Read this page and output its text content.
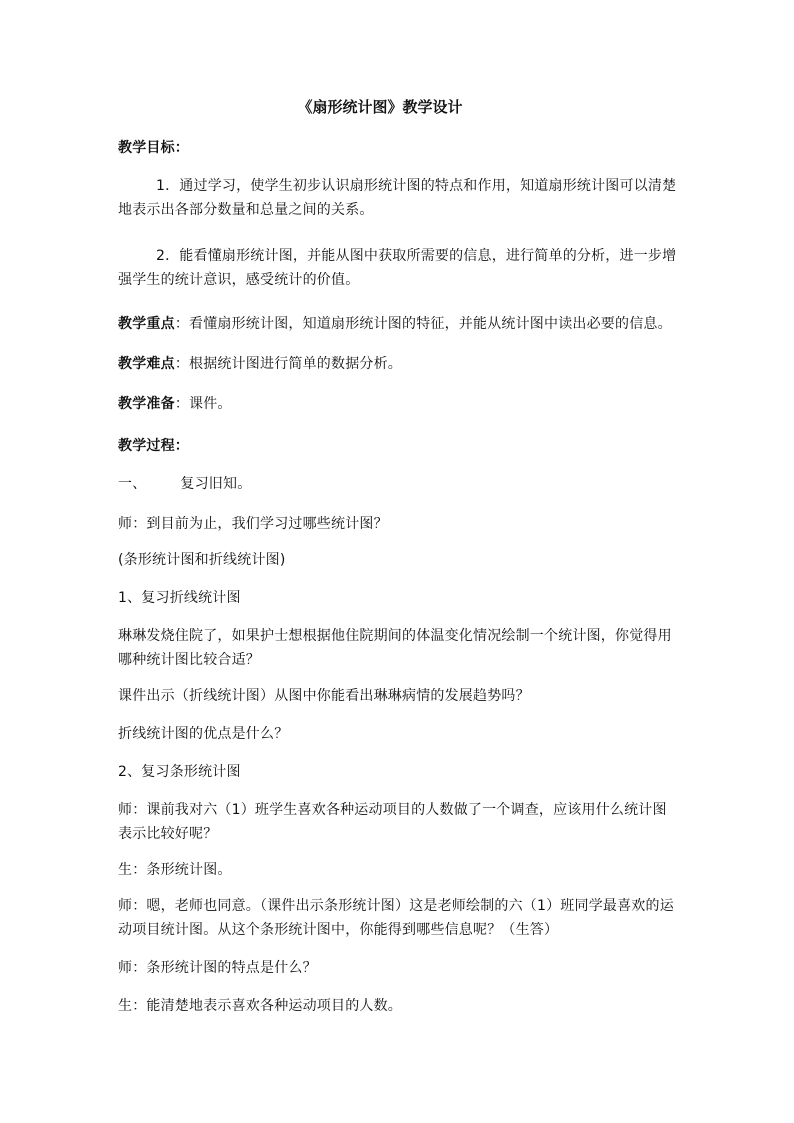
《扇形统计图》教学设计
教学目标：
1．通过学习，使学生初步认识扇形统计图的特点和作用，知道扇形统计图可以清楚地表示出各部分数量和总量之间的关系。
2．能看懂扇形统计图，并能从图中获取所需要的信息，进行简单的分析，进一步增强学生的统计意识，感受统计的价值。
教学重点：看懂扇形统计图，知道扇形统计图的特征，并能从统计图中读出必要的信息。
教学难点：根据统计图进行简单的数据分析。
教学准备：课件。
教学过程：
一、 复习旧知。
师：到目前为止，我们学习过哪些统计图？
(条形统计图和折线统计图)
1、复习折线统计图
琳琳发烧住院了，如果护士想根据他住院期间的体温变化情况绘制一个统计图，你觉得用哪种统计图比较合适？
课件出示（折线统计图）从图中你能看出琳琳病情的发展趋势吗？
折线统计图的优点是什么？
2、复习条形统计图
师：课前我对六（1）班学生喜欢各种运动项目的人数做了一个调查，应该用什么统计图表示比较好呢？
生：条形统计图。
师：嗯，老师也同意。（课件出示条形统计图）这是老师绘制的六（1）班同学最喜欢的运动项目统计图。从这个条形统计图中，你能得到哪些信息呢？（生答）
师：条形统计图的特点是什么？
生：能清楚地表示喜欢各种运动项目的人数。
